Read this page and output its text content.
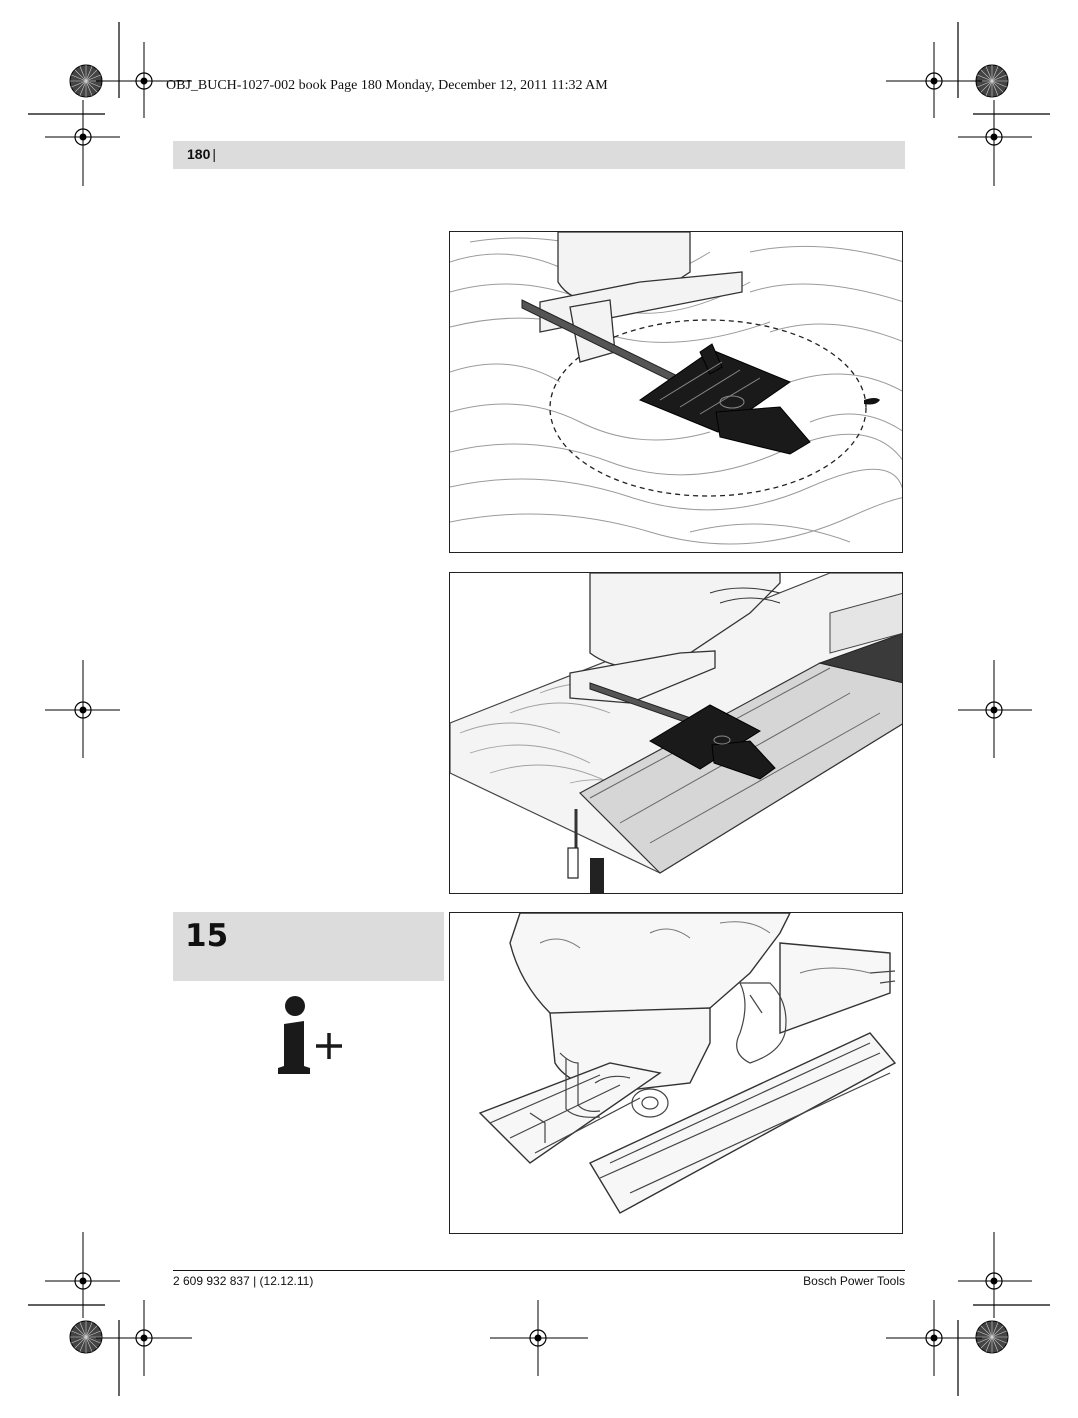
OBJ_BUCH-1027-002 book Page 180 Monday, December 12, 2011 11:32 AM
180 |
15
2 609 932 837 | (12.12.11)	Bosch Power Tools
